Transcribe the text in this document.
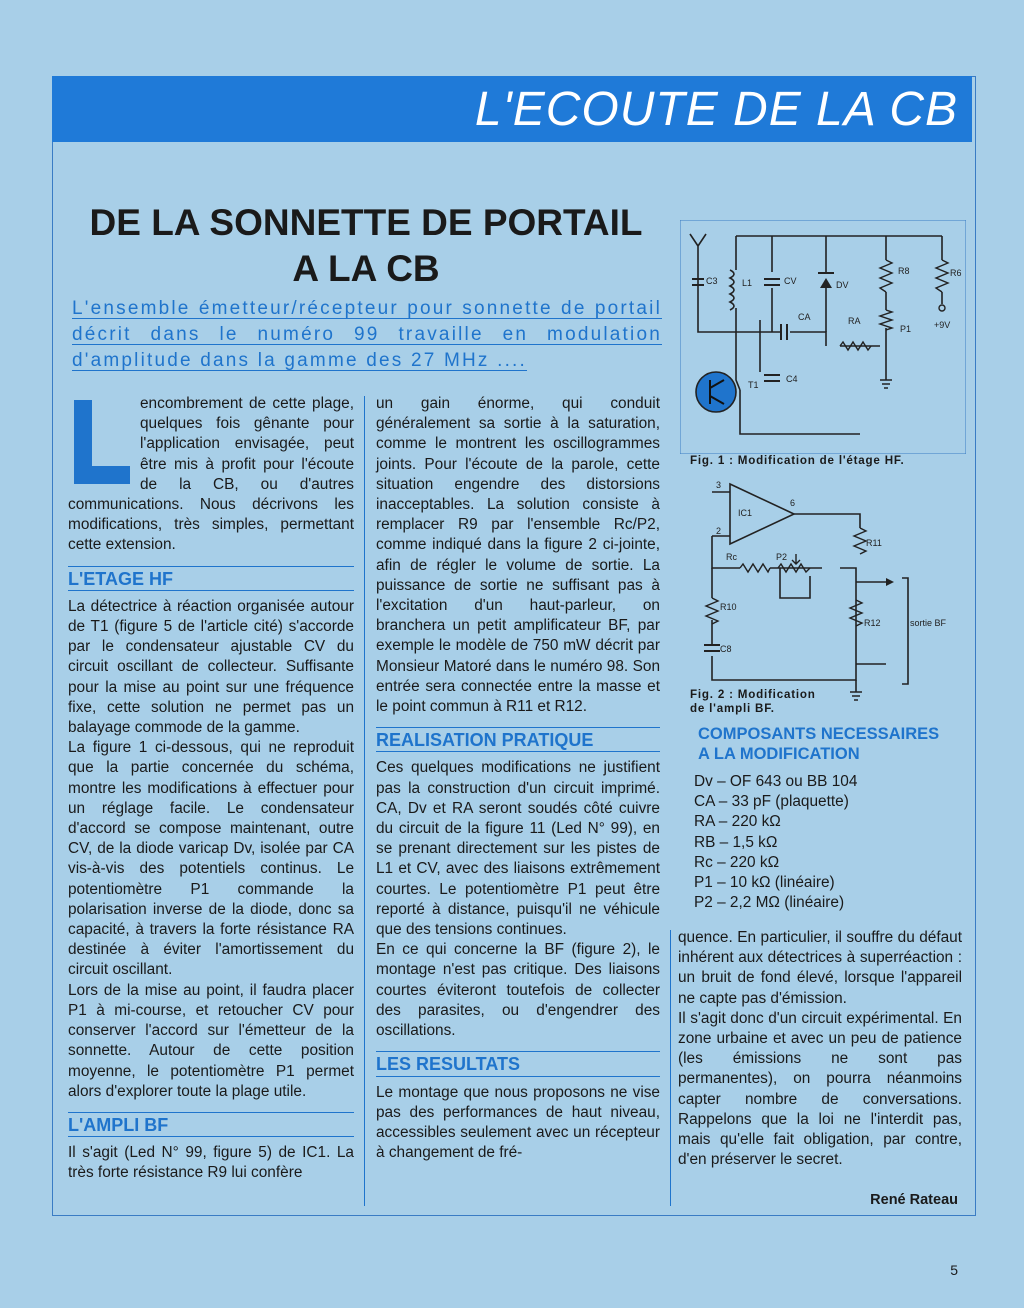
L'ECOUTE DE LA CB
DE LA SONNETTE DE PORTAIL
A LA CB
L'ensemble émetteur/récepteur pour sonnette de portail décrit dans le numéro 99 travaille en modulation d'amplitude dans la gamme des 27 MHz ....

encombrement de cette plage, quelques fois gênante pour l'application envisagée, peut être mis à profit pour l'écoute de la CB, ou d'autres communications. Nous décrivons les modifications, très simples, permettant cette extension.

L'ETAGE HF

La détectrice à réaction organisée autour de T1 (figure 5 de l'article cité) s'accorde par le condensateur ajustable CV du circuit oscillant de collecteur. Suffisante pour la mise au point sur une fréquence fixe, cette solution ne permet pas un balayage commode de la gamme.

La figure 1 ci-dessous, qui ne reproduit que la partie concernée du schéma, montre les modifications à effectuer pour un réglage facile. Le condensateur d'accord se compose maintenant, outre CV, de la diode varicap Dv, isolée par CA vis-à-vis des potentiels continus. Le potentiomètre P1 commande la polarisation inverse de la diode, donc sa capacité, à travers la forte résistance RA destinée à éviter l'amortissement du circuit oscillant.

Lors de la mise au point, il faudra placer P1 à mi-course, et retoucher CV pour conserver l'accord sur l'émetteur de la sonnette. Autour de cette position moyenne, le potentiomètre P1 permet alors d'explorer toute la plage utile.

L'AMPLI BF

Il s'agit (Led N° 99, figure 5) de IC1. La très forte résistance R9 lui confère

un gain énorme, qui conduit généralement sa sortie à la saturation, comme le montrent les oscillogrammes joints. Pour l'écoute de la parole, cette situation engendre des distorsions inacceptables. La solution consiste à remplacer R9 par l'ensemble Rc/P2, comme indiqué dans la figure 2 ci-jointe, afin de régler le volume de sortie. La puissance de sortie ne suffisant pas à l'excitation d'un haut-parleur, on branchera un petit amplificateur BF, par exemple le modèle de 750 mW décrit par Monsieur Matoré dans le numéro 98. Son entrée sera connectée entre la masse et le point commun à R11 et R12.

REALISATION PRATIQUE

Ces quelques modifications ne justifient pas la construction d'un circuit imprimé. CA, Dv et RA seront soudés côté cuivre du circuit de la figure 11 (Led N° 99), en se prenant directement sur les pistes de L1 et CV, avec des liaisons extrêmement courtes. Le potentiomètre P1 peut être reporté à distance, puisqu'il ne véhicule que des tensions continues.

En ce qui concerne la BF (figure 2), le montage n'est pas critique. Des liaisons courtes éviteront toutefois de collecter des parasites, ou d'engendrer des oscillations.

LES RESULTATS

Le montage que nous proposons ne vise pas des performances de haut niveau, accessibles seulement avec un récepteur à changement de fré-

C3	L1	CV	DV
R8	R6
CA	RA
P1	+9V
T1
C4
Fig. 1 : Modification de l'étage HF.
IC1
3
2
6
Rc	P2
R11
R10
R12
C8
sortie BF
Fig. 2 : Modification
de l'ampli BF.
COMPOSANTS NECESSAIRES
A LA MODIFICATION
Dv – OF 643 ou BB 104
CA – 33 pF (plaquette)
RA – 220 kΩ
RB – 1,5 kΩ
Rc – 220 kΩ
P1 – 10 kΩ (linéaire)
P2 – 2,2 MΩ (linéaire)

quence. En particulier, il souffre du défaut inhérent aux détectrices à superréaction : un bruit de fond élevé, lorsque l'appareil ne capte pas d'émission.

Il s'agit donc d'un circuit expérimental. En zone urbaine et avec un peu de patience (les émissions ne sont pas permanentes), on pourra néanmoins capter nombre de conversations. Rappelons que la loi ne l'interdit pas, mais qu'elle fait obligation, par contre, d'en préserver le secret.

René Rateau
5
